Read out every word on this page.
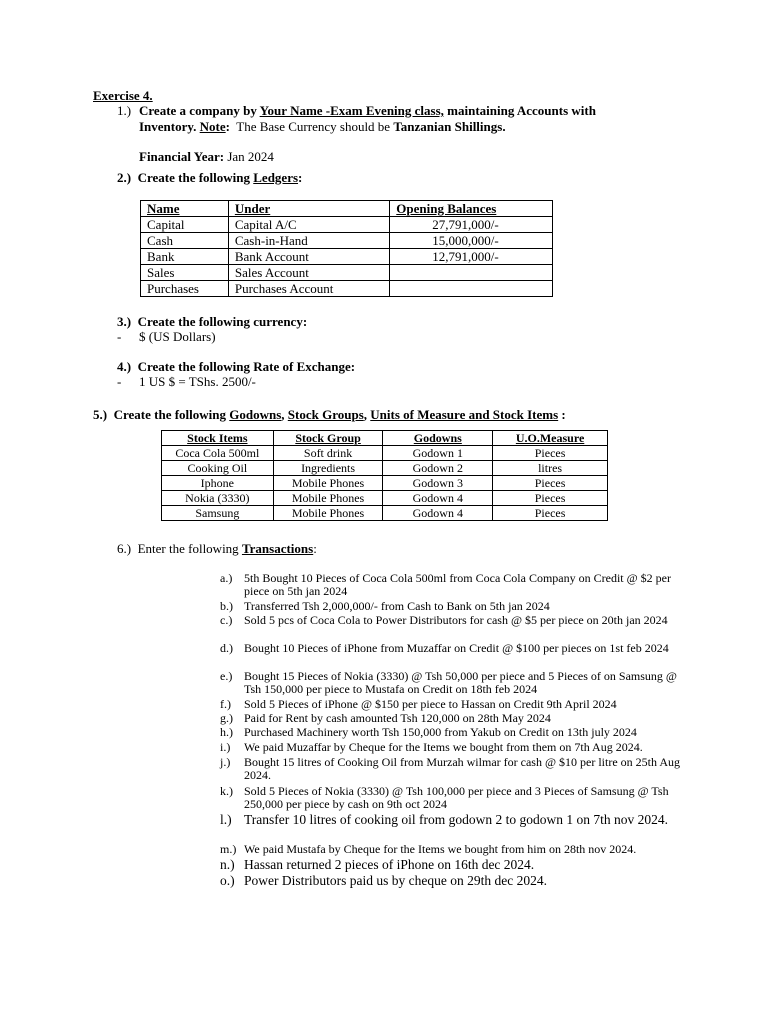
Exercise 4.
1.) Create a company by Your Name -Exam Evening class, maintaining Accounts with
Inventory. Note:  The Base Currency should be Tanzanian Shillings.
Financial Year: Jan 2024
2.) Create the following Ledgers:
Name	Under	Opening Balances
Capital	Capital A/C	27,791,000/-
Cash	Cash-in-Hand	15,000,000/-
Bank	Bank Account	12,791,000/-
Sales	Sales Account	
Purchases	Purchases Account	
3.) Create the following currency:
- $ (US Dollars)
4.) Create the following Rate of Exchange:
- 1 US $ = TShs. 2500/-
5.) Create the following Godowns, Stock Groups, Units of Measure and Stock Items :
Stock Items	Stock Group	Godowns	U.O.Measure
Coca Cola 500ml	Soft drink	Godown 1	Pieces
Cooking Oil	Ingredients	Godown 2	litres
Iphone	Mobile Phones	Godown 3	Pieces
Nokia (3330)	Mobile Phones	Godown 4	Pieces
Samsung	Mobile Phones	Godown 4	Pieces
6.) Enter the following Transactions:
a.) 5th Bought 10 Pieces of Coca Cola 500ml from Coca Cola Company on Credit @ $2 per piece on 5th jan 2024
b.) Transferred Tsh 2,000,000/- from Cash to Bank on 5th jan 2024
c.) Sold 5 pcs of Coca Cola to Power Distributors for cash @ $5 per piece on 20th jan 2024
d.) Bought 10 Pieces of iPhone from Muzaffar on Credit @ $100 per pieces on 1st feb 2024
e.) Bought 15 Pieces of Nokia (3330) @ Tsh 50,000 per piece and 5 Pieces of on Samsung @ Tsh 150,000 per piece to Mustafa on Credit on 18th feb 2024
f.) Sold 5 Pieces of iPhone @ $150 per piece to Hassan on Credit 9th April 2024
g.) Paid for Rent by cash amounted Tsh 120,000 on 28th May 2024
h.) Purchased Machinery worth Tsh 150,000 from Yakub on Credit on 13th july 2024
i.) We paid Muzaffar by Cheque for the Items we bought from them on 7th Aug 2024.
j.) Bought 15 litres of Cooking Oil from Murzah wilmar for cash @ $10 per litre on 25th Aug 2024.
k.) Sold 5 Pieces of Nokia (3330) @ Tsh 100,000 per piece and 3 Pieces of Samsung @ Tsh 250,000 per piece by cash on 9th oct 2024
l.) Transfer 10 litres of cooking oil from godown 2 to godown 1 on 7th nov 2024.
m.) We paid Mustafa by Cheque for the Items we bought from him on 28th nov 2024.
n.) Hassan returned 2 pieces of iPhone on 16th dec 2024.
o.) Power Distributors paid us by cheque on 29th dec 2024.
